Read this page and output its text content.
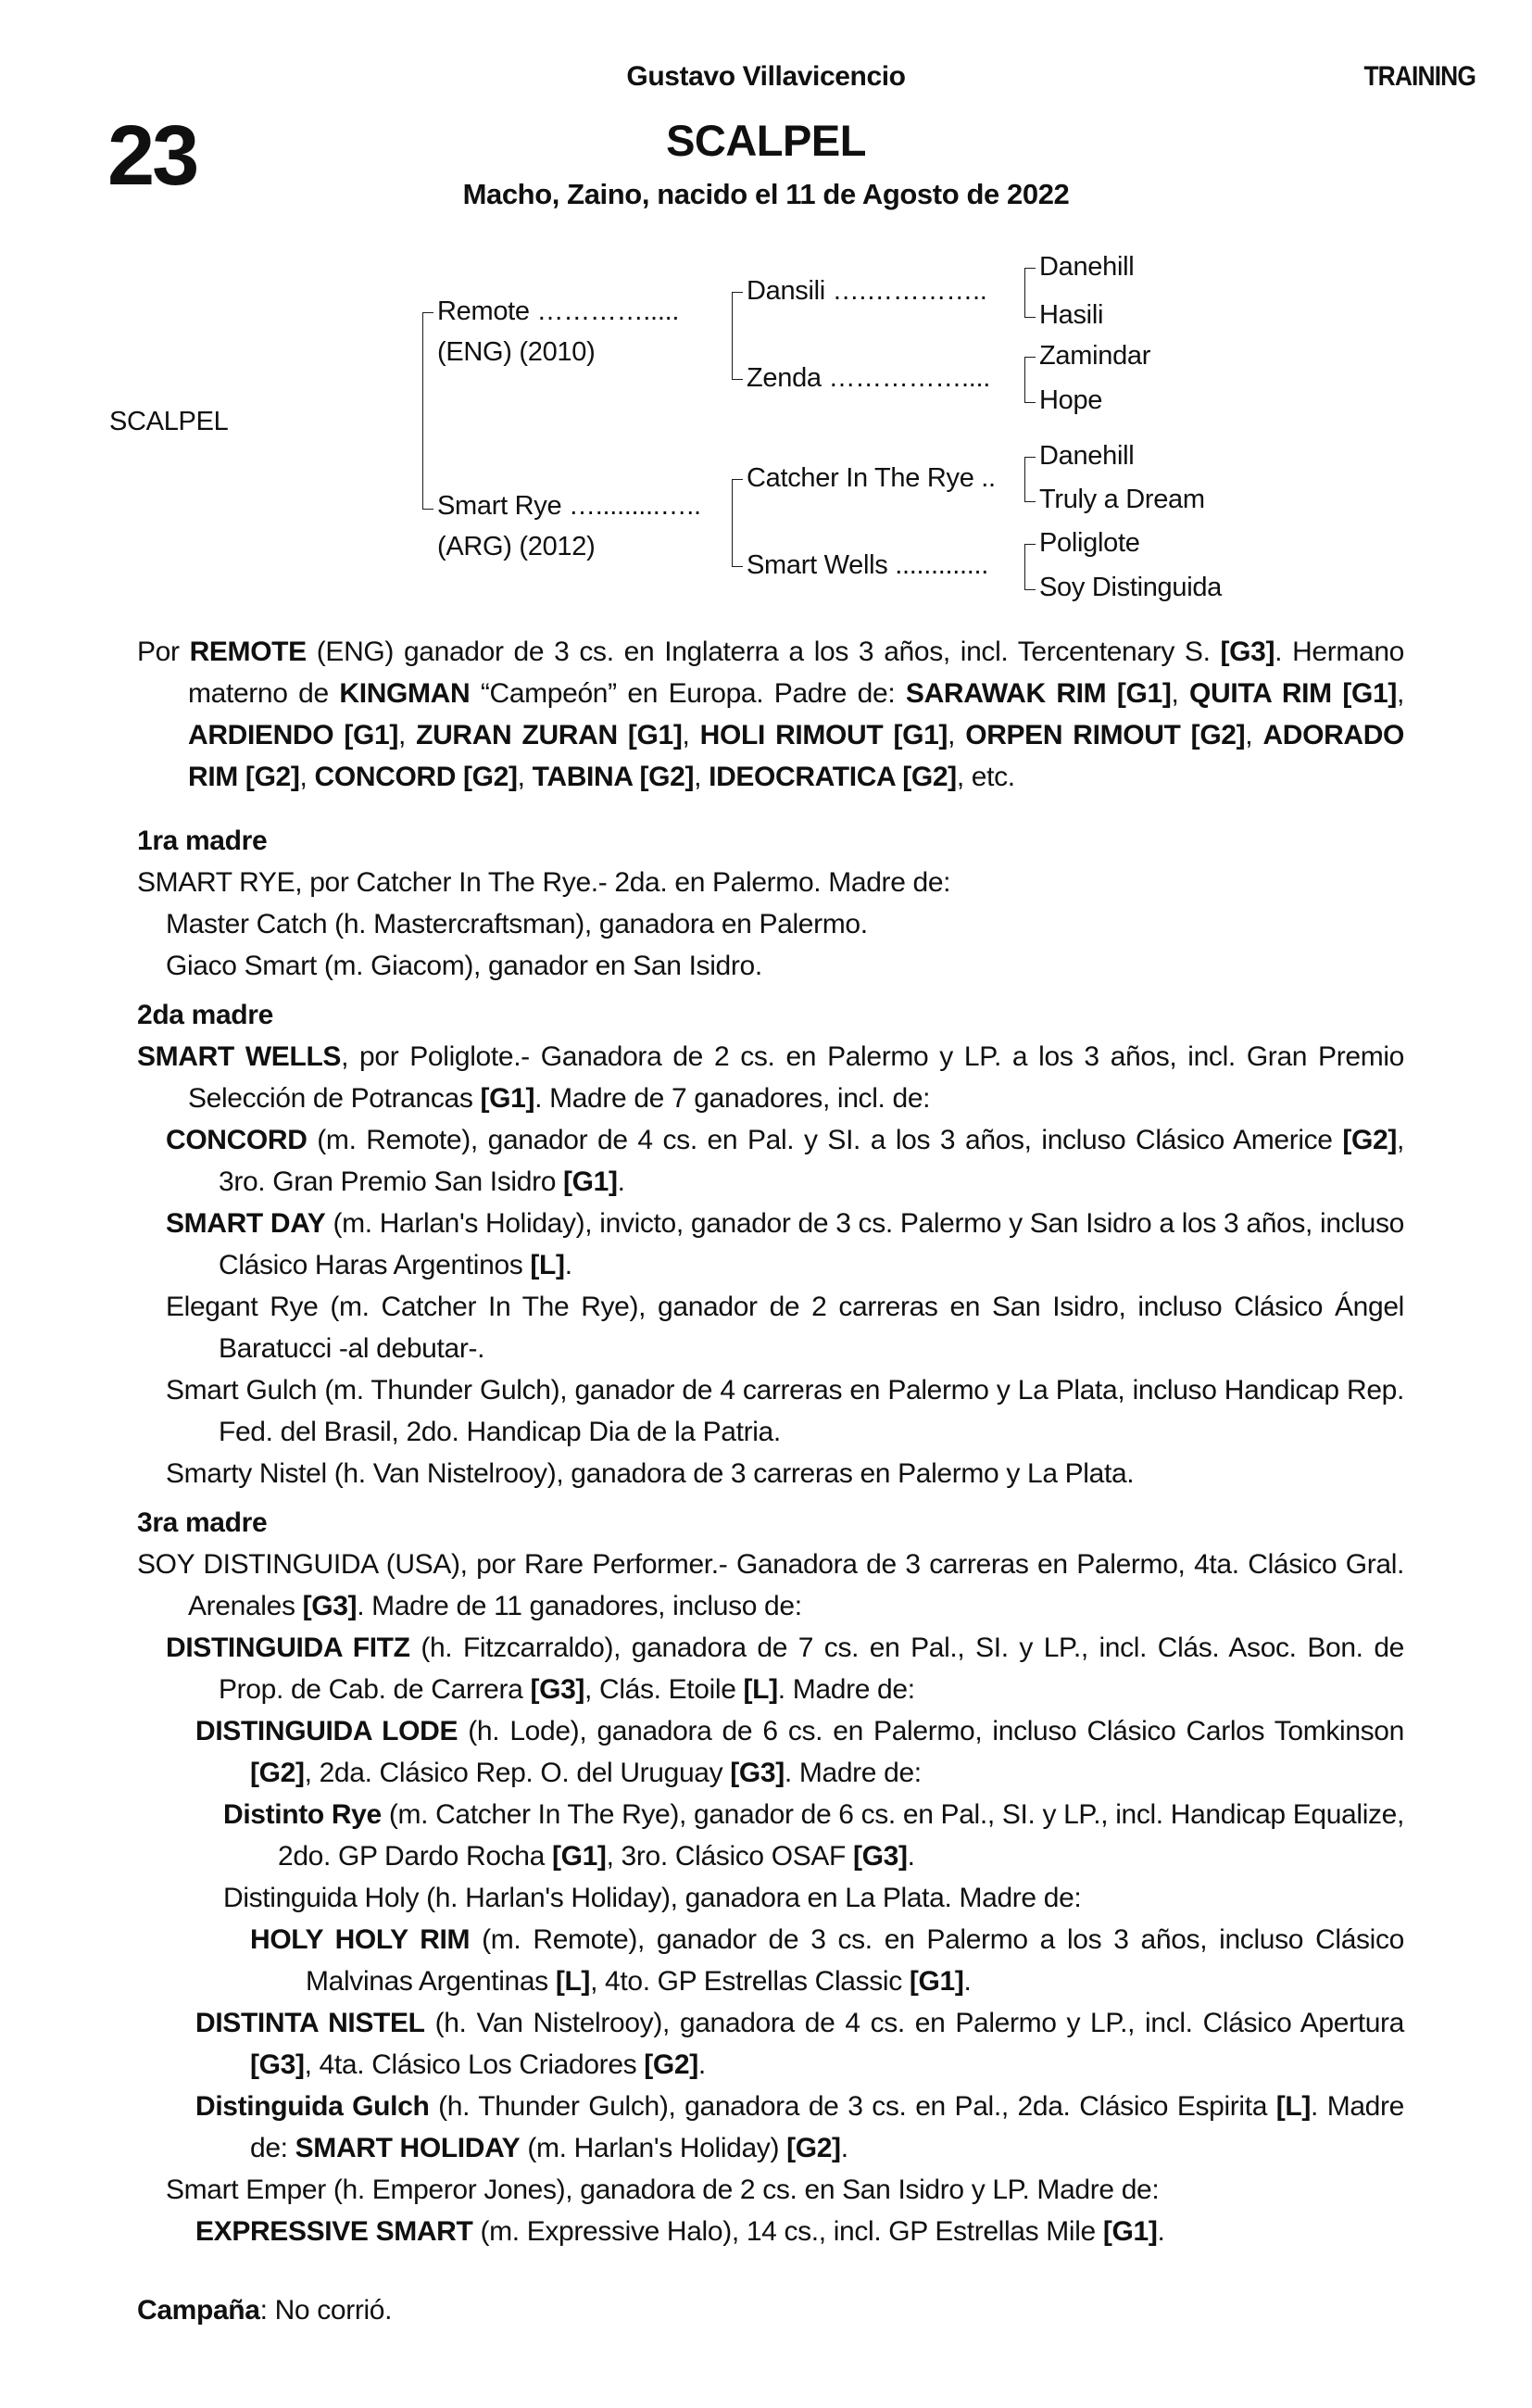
Gustavo Villavicencio	TRAINING
23	SCALPEL
Macho, Zaino, nacido el 11 de Agosto de 2022
SCALPEL
Remote ………….....
(ENG) (2010)
Smart Rye ….........…..
(ARG) (2012)
Dansili ….…………..
Zenda ……………....
Catcher In The Rye ..
Smart Wells .............
Danehill
Hasili
Zamindar
Hope
Danehill
Truly a Dream
Poliglote
Soy Distinguida

Por REMOTE (ENG) ganador de 3 cs. en Inglaterra a los 3 años, incl. Tercentenary S. [G3]. Hermano materno de KINGMAN “Campeón” en Europa. Padre de: SARAWAK RIM [G1], QUITA RIM [G1], ARDIENDO [G1], ZURAN ZURAN [G1], HOLI RIMOUT [G1], ORPEN RIMOUT [G2], ADORADO RIM [G2], CONCORD [G2], TABINA [G2], IDEOCRATICA [G2], etc.

1ra madre

SMART RYE, por Catcher In The Rye.- 2da. en Palermo. Madre de:

Master Catch (h. Mastercraftsman), ganadora en Palermo.

Giaco Smart (m. Giacom), ganador en San Isidro.

2da madre

SMART WELLS, por Poliglote.- Ganadora de 2 cs. en Palermo y LP. a los 3 años, incl. Gran Premio Selección de Potrancas [G1]. Madre de 7 ganadores, incl. de:

CONCORD (m. Remote), ganador de 4 cs. en Pal. y SI. a los 3 años, incluso Clásico Americe [G2], 3ro. Gran Premio San Isidro [G1].

SMART DAY (m. Harlan's Holiday), invicto, ganador de 3 cs. Palermo y San Isidro a los 3 años, incluso Clásico Haras Argentinos [L].

Elegant Rye (m. Catcher In The Rye), ganador de 2 carreras en San Isidro, incluso Clásico Ángel Baratucci -al debutar-.

Smart Gulch (m. Thunder Gulch), ganador de 4 carreras en Palermo y La Plata, incluso Handicap Rep. Fed. del Brasil, 2do. Handicap Dia de la Patria.

Smarty Nistel (h. Van Nistelrooy), ganadora de 3 carreras en Palermo y La Plata.

3ra madre

SOY DISTINGUIDA (USA), por Rare Performer.- Ganadora de 3 carreras en Palermo, 4ta. Clásico Gral. Arenales [G3]. Madre de 11 ganadores, incluso de:

DISTINGUIDA FITZ (h. Fitzcarraldo), ganadora de 7 cs. en Pal., SI. y LP., incl. Clás. Asoc. Bon. de Prop. de Cab. de Carrera [G3], Clás. Etoile [L]. Madre de:

DISTINGUIDA LODE (h. Lode), ganadora de 6 cs. en Palermo, incluso Clásico Carlos Tomkinson [G2], 2da. Clásico Rep. O. del Uruguay [G3]. Madre de:

Distinto Rye (m. Catcher In The Rye), ganador de 6 cs. en Pal., SI. y LP., incl. Handicap Equalize, 2do. GP Dardo Rocha [G1], 3ro. Clásico OSAF [G3].

Distinguida Holy (h. Harlan's Holiday), ganadora en La Plata. Madre de:

HOLY HOLY RIM (m. Remote), ganador de 3 cs. en Palermo a los 3 años, incluso Clásico Malvinas Argentinas [L], 4to. GP Estrellas Classic [G1].

DISTINTA NISTEL (h. Van Nistelrooy), ganadora de 4 cs. en Palermo y LP., incl. Clásico Apertura [G3], 4ta. Clásico Los Criadores [G2].

Distinguida Gulch (h. Thunder Gulch), ganadora de 3 cs. en Pal., 2da. Clásico Espirita [L]. Madre de: SMART HOLIDAY (m. Harlan's Holiday) [G2].

Smart Emper (h. Emperor Jones), ganadora de 2 cs. en San Isidro y LP. Madre de:

EXPRESSIVE SMART (m. Expressive Halo), 14 cs., incl. GP Estrellas Mile [G1].

Campaña: No corrió.
